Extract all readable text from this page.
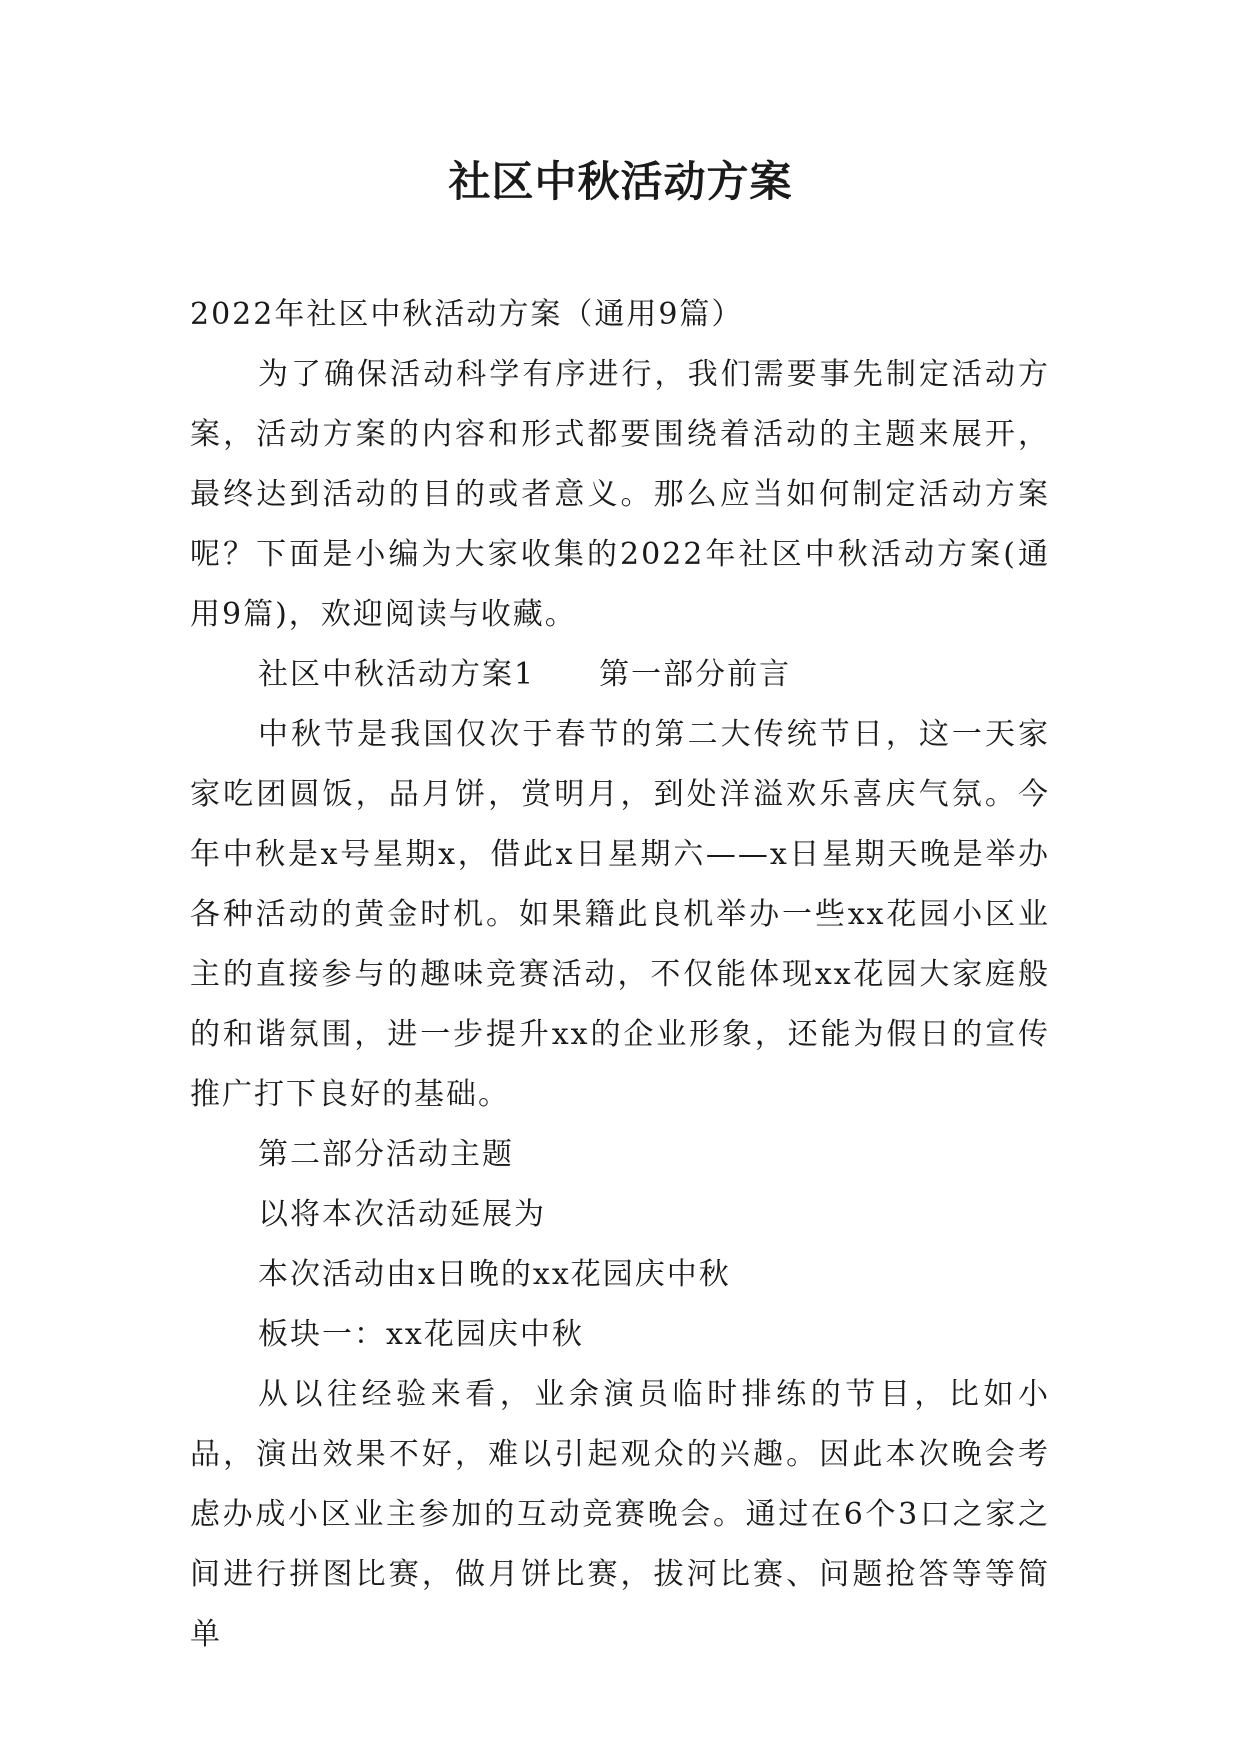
社区中秋活动方案

2022年社区中秋活动方案（通用9篇）

为了确保活动科学有序进行，我们需要事先制定活动方案，活动方案的内容和形式都要围绕着活动的主题来展开，最终达到活动的目的或者意义。那么应当如何制定活动方案呢？下面是小编为大家收集的2022年社区中秋活动方案(通用9篇)，欢迎阅读与收藏。

社区中秋活动方案1 第一部分前言

中秋节是我国仅次于春节的第二大传统节日，这一天家家吃团圆饭，品月饼，赏明月，到处洋溢欢乐喜庆气氛。今年中秋是x号星期x，借此x日星期六——x日星期天晚是举办各种活动的黄金时机。如果籍此良机举办一些xx花园小区业主的直接参与的趣味竞赛活动，不仅能体现xx花园大家庭般的和谐氛围，进一步提升xx的企业形象，还能为假日的宣传推广打下良好的基础。

第二部分活动主题

以将本次活动延展为

本次活动由x日晚的xx花园庆中秋

板块一：xx花园庆中秋

从以往经验来看，业余演员临时排练的节目，比如小品，演出效果不好，难以引起观众的兴趣。因此本次晚会考虑办成小区业主参加的互动竞赛晚会。通过在6个3口之家之间进行拼图比赛，做月饼比赛，拔河比赛、问题抢答等等简单
